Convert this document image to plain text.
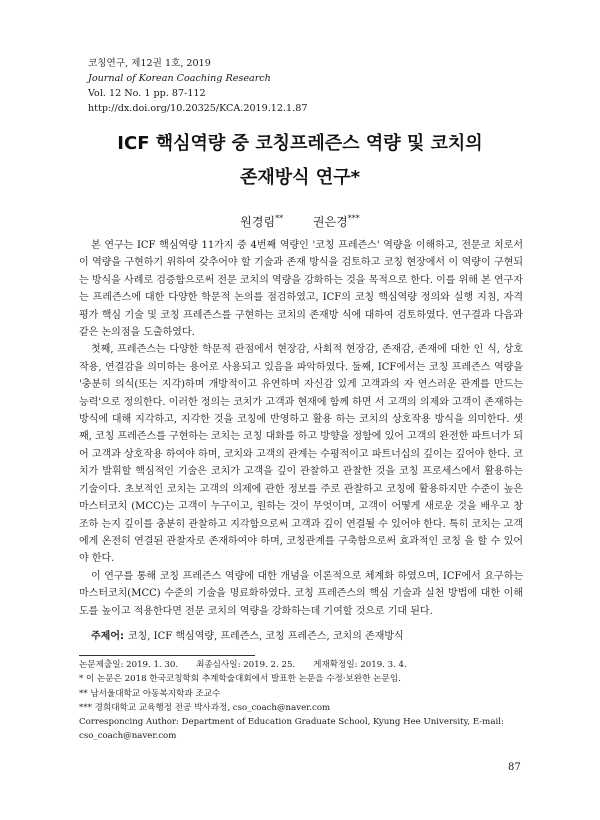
코칭연구, 제12권 1호, 2019
Journal of Korean Coaching Research
Vol. 12 No. 1 pp. 87-112
http://dx.doi.org/10.20325/KCA.2019.12.1.87
ICF 핵심역량 중 코칭프레즌스 역량 및 코치의
존재방식 연구*
원경림** 권은경***

본 연구는 ICF 핵심역량 11가지 중 4번째 역량인 '코칭 프레즌스' 역량을 이해하고, 전문코 치로서 이 역량을 구현하기 위하여 갖추어야 할 기술과 존재 방식을 검토하고 코칭 현장에서 이 역량이 구현되는 방식을 사례로 검증함으로써 전문 코치의 역량을 강화하는 것을 목적으로 한다. 이를 위해 본 연구자는 프레즌스에 대한 다양한 학문적 논의를 점검하였고, ICF의 코칭 핵심역량 정의와 실행 지침, 자격 평가 핵심 기술 및 코칭 프레즌스를 구현하는 코치의 존재방 식에 대하여 검토하였다. 연구결과 다음과 같은 논의점을 도출하였다.

첫째, 프레즌스는 다양한 학문적 관점에서 현장감, 사회적 현장감, 존재감, 존재에 대한 인 식, 상호작용, 연결감을 의미하는 용어로 사용되고 있음을 파악하였다. 둘째, ICF에서는 코칭 프레즌스 역량을 '충분히 의식(또는 지각)하며 개방적이고 유연하며 자신감 있게 고객과의 자 연스러운 관계를 만드는 능력'으로 정의한다. 이러한 정의는 코치가 고객과 현재에 함께 하면 서 고객의 의제와 고객이 존재하는 방식에 대해 지각하고, 지각한 것을 코칭에 반영하고 활용 하는 코치의 상호작용 방식을 의미한다. 셋째, 코칭 프레즌스를 구현하는 코치는 코칭 대화를 하고 방향을 정함에 있어 고객의 완전한 파트너가 되어 고객과 상호작용 하여야 하며, 코치와 고객의 관계는 수평적이고 파트너십의 깊이는 깊어야 한다. 코치가 발휘할 핵심적인 기술은 코치가 고객을 깊이 관찰하고 관찰한 것을 코칭 프로세스에서 활용하는 기술이다. 초보적인 코치는 고객의 의제에 관한 정보를 주로 관찰하고 코칭에 활용하지만 수준이 높은 마스터코치 (MCC)는 고객이 누구이고, 원하는 것이 무엇이며, 고객이 어떻게 새로운 것을 배우고 창조하 는지 깊이를 충분히 관찰하고 지각함으로써 고객과 깊이 연결될 수 있어야 한다. 특히 코치는 고객에게 온전히 연결된 관찰자로 존재하여야 하며, 코칭관계를 구축함으로써 효과적인 코칭 을 할 수 있어야 한다.

이 연구를 통해 코칭 프레즌스 역량에 대한 개념을 이론적으로 체계화 하였으며, ICF에서 요구하는 마스터코치(MCC) 수준의 기술을 명료화하였다. 코칭 프레즌스의 핵심 기술과 실천 방법에 대한 이해도를 높이고 적용한다면 전문 코치의 역량을 강화하는데 기여할 것으로 기대 된다.

주제어: 코칭, ICF 핵심역량, 프레즌스, 코칭 프레즌스, 코치의 존재방식
논문제출일: 2019. 1. 30. 최종심사일: 2019. 2. 25. 게재확정일: 2019. 3. 4.
* 이 논문은 2018 한국코칭학회 추계학술대회에서 발표한 논문을 수정·보완한 논문임.
** 남서울대학교 아동복지학과 조교수
*** 경희대학교 교육행정 전공 박사과정, cso_coach@naver.com
Corresponcing Author: Department of Education Graduate School, Kyung Hee University, E-mail:
cso_coach@naver.com
87
